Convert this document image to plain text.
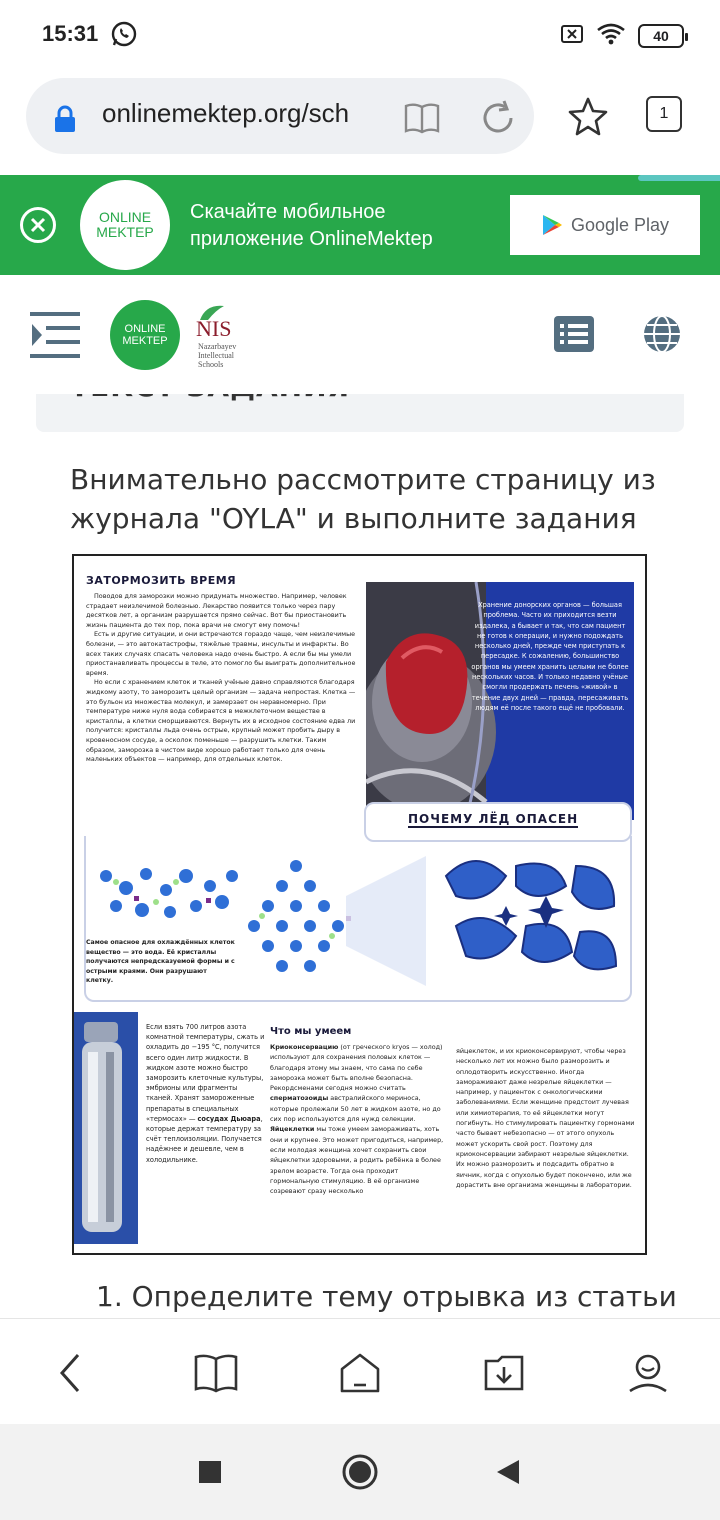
15:31	40
onlinemektep.org/sch	1
ONLINE
MEKTEP
Скачайте мобильное
приложение OnlineMektep
Google Play
ONLINE
MEKTEP NIS
Nazarbayev
Intellectual
Schools
Внимательно рассмотрите страницу из журнала "OYLA" и выполните задания
ЗАТОРМОЗИТЬ ВРЕМЯ

Поводов для заморозки можно придумать множество. Например, человек страдает неизлечимой болезнью. Лекарство появится только через пару десятков лет, а организм разрушается прямо сейчас. Вот бы приостановить жизнь пациента до тех пор, пока врачи не смогут ему помочь!

Есть и другие ситуации, и они встречаются гораздо чаще, чем неизлечимые болезни, — это автокатастрофы, тяжёлые травмы, инсульты и инфаркты. Во всех таких случаях спасать человека надо очень быстро. А если бы мы умели приостанавливать процессы в теле, это помогло бы выиграть дополнительное время.

Но если с хранением клеток и тканей учёные давно справляются благодаря жидкому азоту, то заморозить целый организм — задача непростая. Клетка — это бульон из множества молекул, и замерзает он неравномерно. При температуре ниже нуля вода собирается в межклеточном веществе в кристаллы, а клетки сморщиваются. Вернуть их в исходное состояние едва ли получится: кристаллы льда очень острые, крупный может пробить дыру в кровеносном сосуде, а осколок поменьше — разрушить клетки. Таким образом, заморозка в чистом виде хорошо работает только для очень маленьких объектов — например, для отдельных клеток.

Хранение донорских органов — большая проблема. Часто их приходится везти издалека, а бывает и так, что сам пациент не готов к операции, и нужно подождать несколько дней, прежде чем приступать к пересадке. К сожалению, большинство органов мы умеем хранить целыми не более нескольких часов. И только недавно учёные смогли продержать печень «живой» в течение двух дней — правда, пересаживать людям её после такого ещё не пробовали.
ПОЧЕМУ ЛЁД ОПАСЕН
Самое опасное для охлаждённых клеток вещество — это вода. Её кристаллы получаются непредсказуемой формы и с острыми краями. Они разрушают клетку.
Если взять 700 литров азота комнатной температуры, сжать и охладить до −195 °С, получится всего один литр жидкости. В жидком азоте можно быстро заморозить клеточные культуры, эмбрионы или фрагменты тканей. Хранят замороженные препараты в специальных «термосах» — сосудах Дьюара, которые держат температуру за счёт теплоизоляции. Получается надёжнее и дешевле, чем в холодильнике.
Что мы умеем
Криоконсервацию (от греческого kryos — холод) используют для сохранения половых клеток — благодаря этому мы знаем, что сама по себе заморозка может быть вполне безопасна. Рекордсменами сегодня можно считать сперматозоиды австралийского мериноса, которые пролежали 50 лет в жидком азоте, но до сих пор используются для нужд селекции. Яйцеклетки мы тоже умеем замораживать, хоть они и крупнее. Это может пригодиться, например, если молодая женщина хочет сохранить свои яйцеклетки здоровыми, а родить ребёнка в более зрелом возрасте. Тогда она проходит гормональную стимуляцию. В её организме созревают сразу несколько
яйцеклеток, и их криоконсервируют, чтобы через несколько лет их можно было разморозить и оплодотворить искусственно. Иногда замораживают даже незрелые яйцеклетки — например, у пациенток с онкологическими заболеваниями. Если женщине предстоит лучевая или химиотерапия, то её яйцеклетки могут погибнуть. Но стимулировать пациентку гормонами часто бывает небезопасно — от этого опухоль может ускорить свой рост. Поэтому для криоконсервации забирают незрелые яйцеклетки. Их можно разморозить и подсадить обратно в яичник, когда с опухолью будет покончено, или же дорастить вне организма женщины в лаборатории.
1. Определите тему отрывка из статьи
